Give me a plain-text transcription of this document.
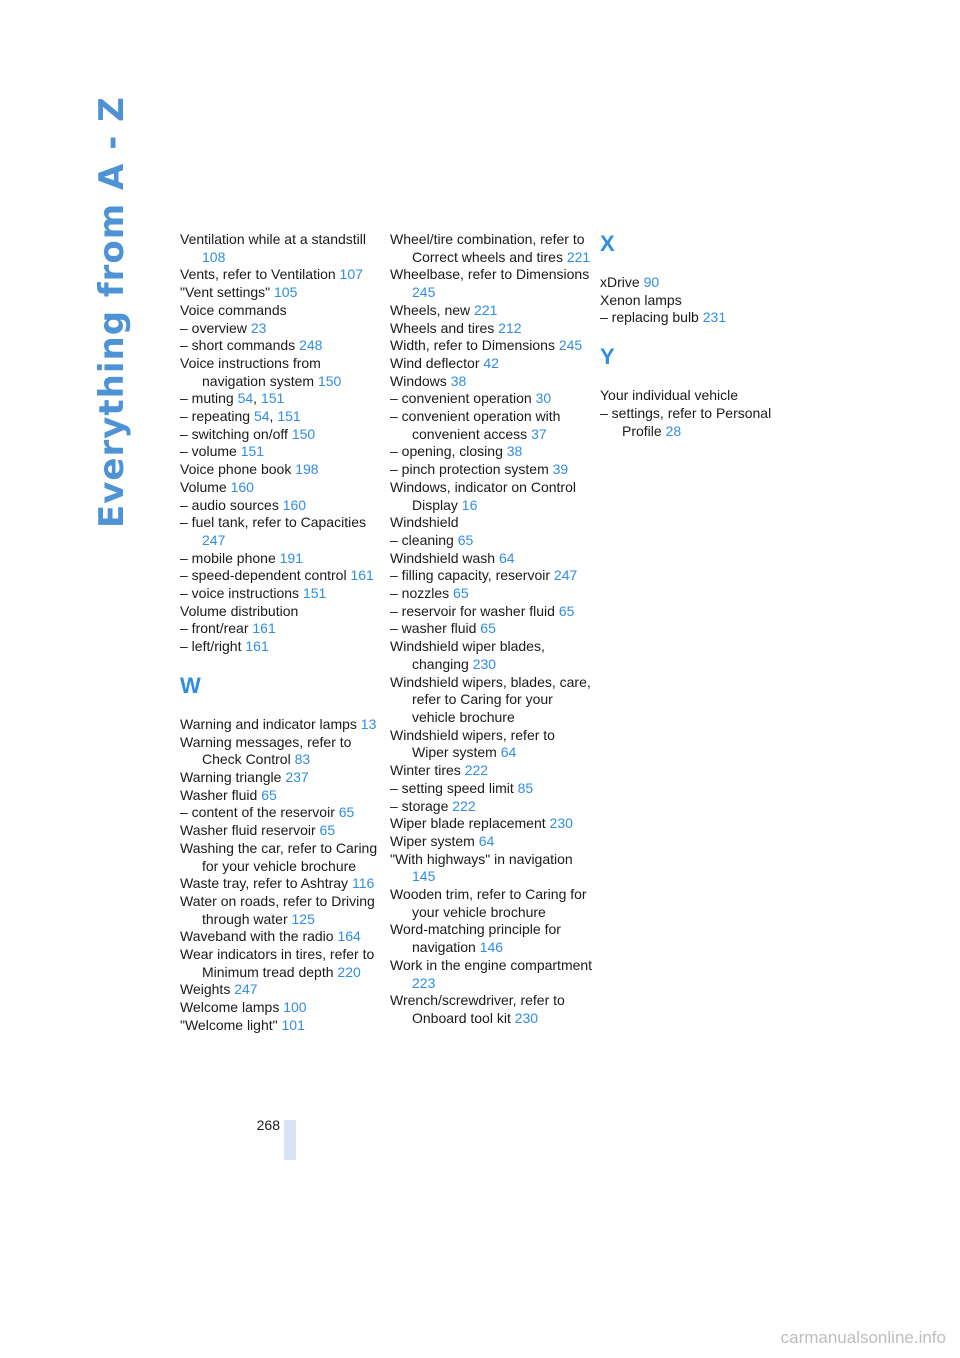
Everything from A - Z	Ventilation while at a standstill 108
Vents, refer to Ventilation 107
"Vent settings" 105
Voice commands
– overview 23
– short commands 248
Voice instructions from navigation system 150
– muting 54, 151
– repeating 54, 151
– switching on/off 150
– volume 151
Voice phone book 198
Volume 160
– audio sources 160
– fuel tank, refer to Capacities 247
– mobile phone 191
– speed-dependent control 161
– voice instructions 151
Volume distribution
– front/rear 161
– left/right 161
W
Warning and indicator lamps 13
Warning messages, refer to Check Control 83
Warning triangle 237
Washer fluid 65
– content of the reservoir 65
Washer fluid reservoir 65
Washing the car, refer to Caring for your vehicle brochure
Waste tray, refer to Ashtray 116
Water on roads, refer to Driving through water 125
Waveband with the radio 164
Wear indicators in tires, refer to Minimum tread depth 220
Weights 247
Welcome lamps 100
"Welcome light" 101
Wheel/tire combination, refer to Correct wheels and tires 221
Wheelbase, refer to Dimensions 245
Wheels, new 221
Wheels and tires 212
Width, refer to Dimensions 245
Wind deflector 42
Windows 38
– convenient operation 30
– convenient operation with convenient access 37
– opening, closing 38
– pinch protection system 39
Windows, indicator on Control Display 16
Windshield
– cleaning 65
Windshield wash 64
– filling capacity, reservoir 247
– nozzles 65
– reservoir for washer fluid 65
– washer fluid 65
Windshield wiper blades, changing 230
Windshield wipers, blades, care, refer to Caring for your vehicle brochure
Windshield wipers, refer to Wiper system 64
Winter tires 222
– setting speed limit 85
– storage 222
Wiper blade replacement 230
Wiper system 64
"With highways" in navigation 145
Wooden trim, refer to Caring for your vehicle brochure
Word-matching principle for navigation 146
Work in the engine compartment 223
Wrench/screwdriver, refer to Onboard tool kit 230
X
xDrive 90
Xenon lamps
– replacing bulb 231
Y
Your individual vehicle
– settings, refer to Personal Profile 28
268
carmanualsonline.info
